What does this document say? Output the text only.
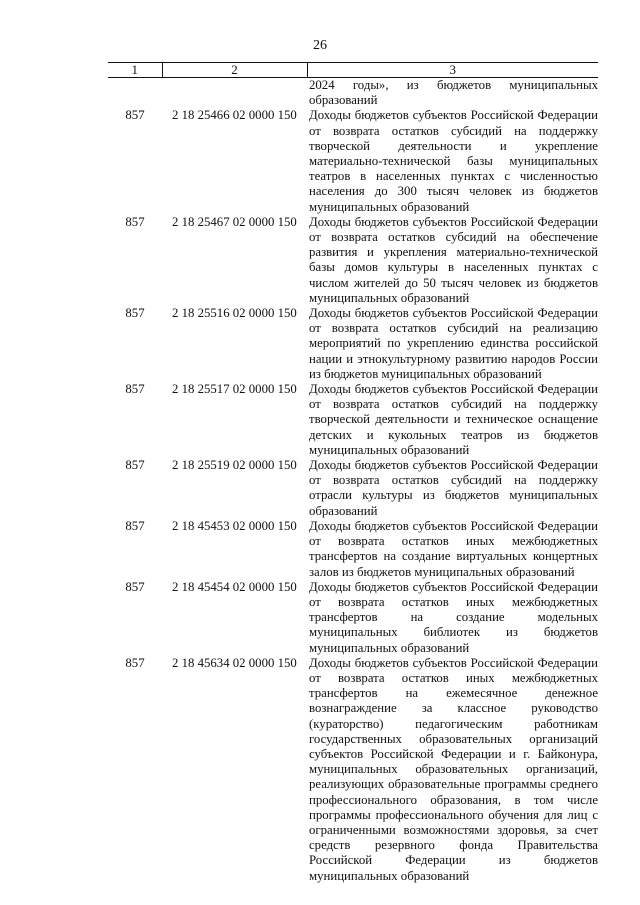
26
1	2	3
		2024 годы», из бюджетов муниципальных образований
857	2 18 25466 02 0000 150	Доходы бюджетов субъектов Российской Федерации от возврата остатков субсидий на поддержку творческой деятельности и укрепление материально-технической базы муниципальных театров в населенных пунктах с численностью населения до 300 тысяч человек из бюджетов муниципальных образований
857	2 18 25467 02 0000 150	Доходы бюджетов субъектов Российской Федерации от возврата остатков субсидий на обеспечение развития и укрепления материально-технической базы домов культуры в населенных пунктах с числом жителей до 50 тысяч человек из бюджетов муниципальных образований
857	2 18 25516 02 0000 150	Доходы бюджетов субъектов Российской Федерации от возврата остатков субсидий на реализацию мероприятий по укреплению единства российской нации и этнокультурному развитию народов России из бюджетов муниципальных образований
857	2 18 25517 02 0000 150	Доходы бюджетов субъектов Российской Федерации от возврата остатков субсидий на поддержку творческой деятельности и техническое оснащение детских и кукольных театров из бюджетов муниципальных образований
857	2 18 25519 02 0000 150	Доходы бюджетов субъектов Российской Федерации от возврата остатков субсидий на поддержку отрасли культуры из бюджетов муниципальных образований
857	2 18 45453 02 0000 150	Доходы бюджетов субъектов Российской Федерации от возврата остатков иных межбюджетных трансфертов на создание виртуальных концертных залов из бюджетов муниципальных образований
857	2 18 45454 02 0000 150	Доходы бюджетов субъектов Российской Федерации от возврата остатков иных межбюджетных трансфертов на создание модельных муниципальных библиотек из бюджетов муниципальных образований
857	2 18 45634 02 0000 150	Доходы бюджетов субъектов Российской Федерации от возврата остатков иных межбюджетных трансфертов на ежемесячное денежное вознаграждение за классное руководство (кураторство) педагогическим работникам государственных образовательных организаций субъектов Российской Федерации и г. Байконура, муниципальных образовательных организаций, реализующих образовательные программы среднего профессионального образования, в том числе программы профессионального обучения для лиц с ограниченными возможностями здоровья, за счет средств резервного фонда Правительства Российской Федерации из бюджетов муниципальных образований
